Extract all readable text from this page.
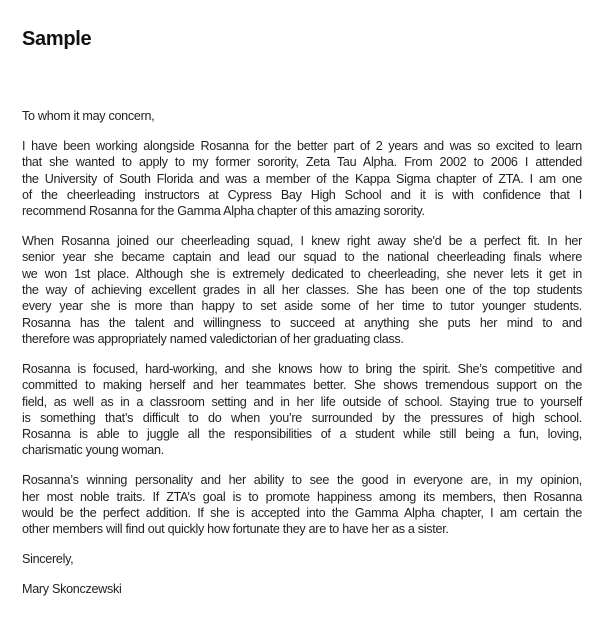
Sample

To whom it may concern,

I have been working alongside Rosanna for the better part of 2 years and was so excited to learn
that she wanted to apply to my former sorority, Zeta Tau Alpha. From 2002 to 2006 I attended
the University of South Florida and was a member of the Kappa Sigma chapter of ZTA. I am one
of the cheerleading instructors at Cypress Bay High School and it is with confidence that I
recommend Rosanna for the Gamma Alpha chapter of this amazing sorority.

When Rosanna joined our cheerleading squad, I knew right away she'd be a perfect fit. In her
senior year she became captain and lead our squad to the national cheerleading finals where
we won 1st place. Although she is extremely dedicated to cheerleading, she never lets it get in
the way of achieving excellent grades in all her classes. She has been one of the top students
every year she is more than happy to set aside some of her time to tutor younger students.
Rosanna has the talent and willingness to succeed at anything she puts her mind to and
therefore was appropriately named valedictorian of her graduating class.

Rosanna is focused, hard-working, and she knows how to bring the spirit. She’s competitive and
committed to making herself and her teammates better. She shows tremendous support on the
field, as well as in a classroom setting and in her life outside of school. Staying true to yourself
is something that’s difficult to do when you’re surrounded by the pressures of high school.
Rosanna is able to juggle all the responsibilities of a student while still being a fun, loving,
charismatic young woman.

Rosanna’s winning personality and her ability to see the good in everyone are, in my opinion,
her most noble traits. If ZTA’s goal is to promote happiness among its members, then Rosanna
would be the perfect addition. If she is accepted into the Gamma Alpha chapter, I am certain the
other members will find out quickly how fortunate they are to have her as a sister.

Sincerely,

Mary Skonczewski
